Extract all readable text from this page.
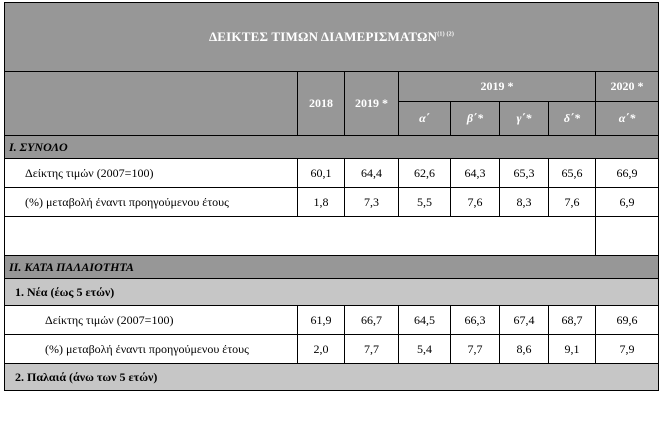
ΔΕΙΚΤΕΣ ΤΙΜΩΝ $\Delta IAMEPI\Sigma MAT\Omega N^{(1) (2)}$
	2018	2019 *	2019 *				2020 *
			α΄	β΄*	γ΄*	δ΄*	α΄*
I. ΣΥΝΟΛΟ							
Δείκτης τιμών (2007=100)	60,1	64,4	62,6	64,3	65,3	65,6	66,9
(%) μεταβολή έναντι προηγούμενου έτους	1,8	7,3	5,5	7,6	8,3	7,6	6,9

II. ΚΑΤΑ ΠΑΛΑΙΟΤΗΤΑ							
1. Νέα (έως 5 ετών)							
Δείκτης τιμών (2007=100)	61,9	66,7	64,5	66,3	67,4	68,7	69,6
(%) μεταβολή έναντι προηγούμενου έτους	2,0	7,7	5,4	7,7	8,6	9,1	7,9
2. Παλαιά (άνω των 5 ετών)							
